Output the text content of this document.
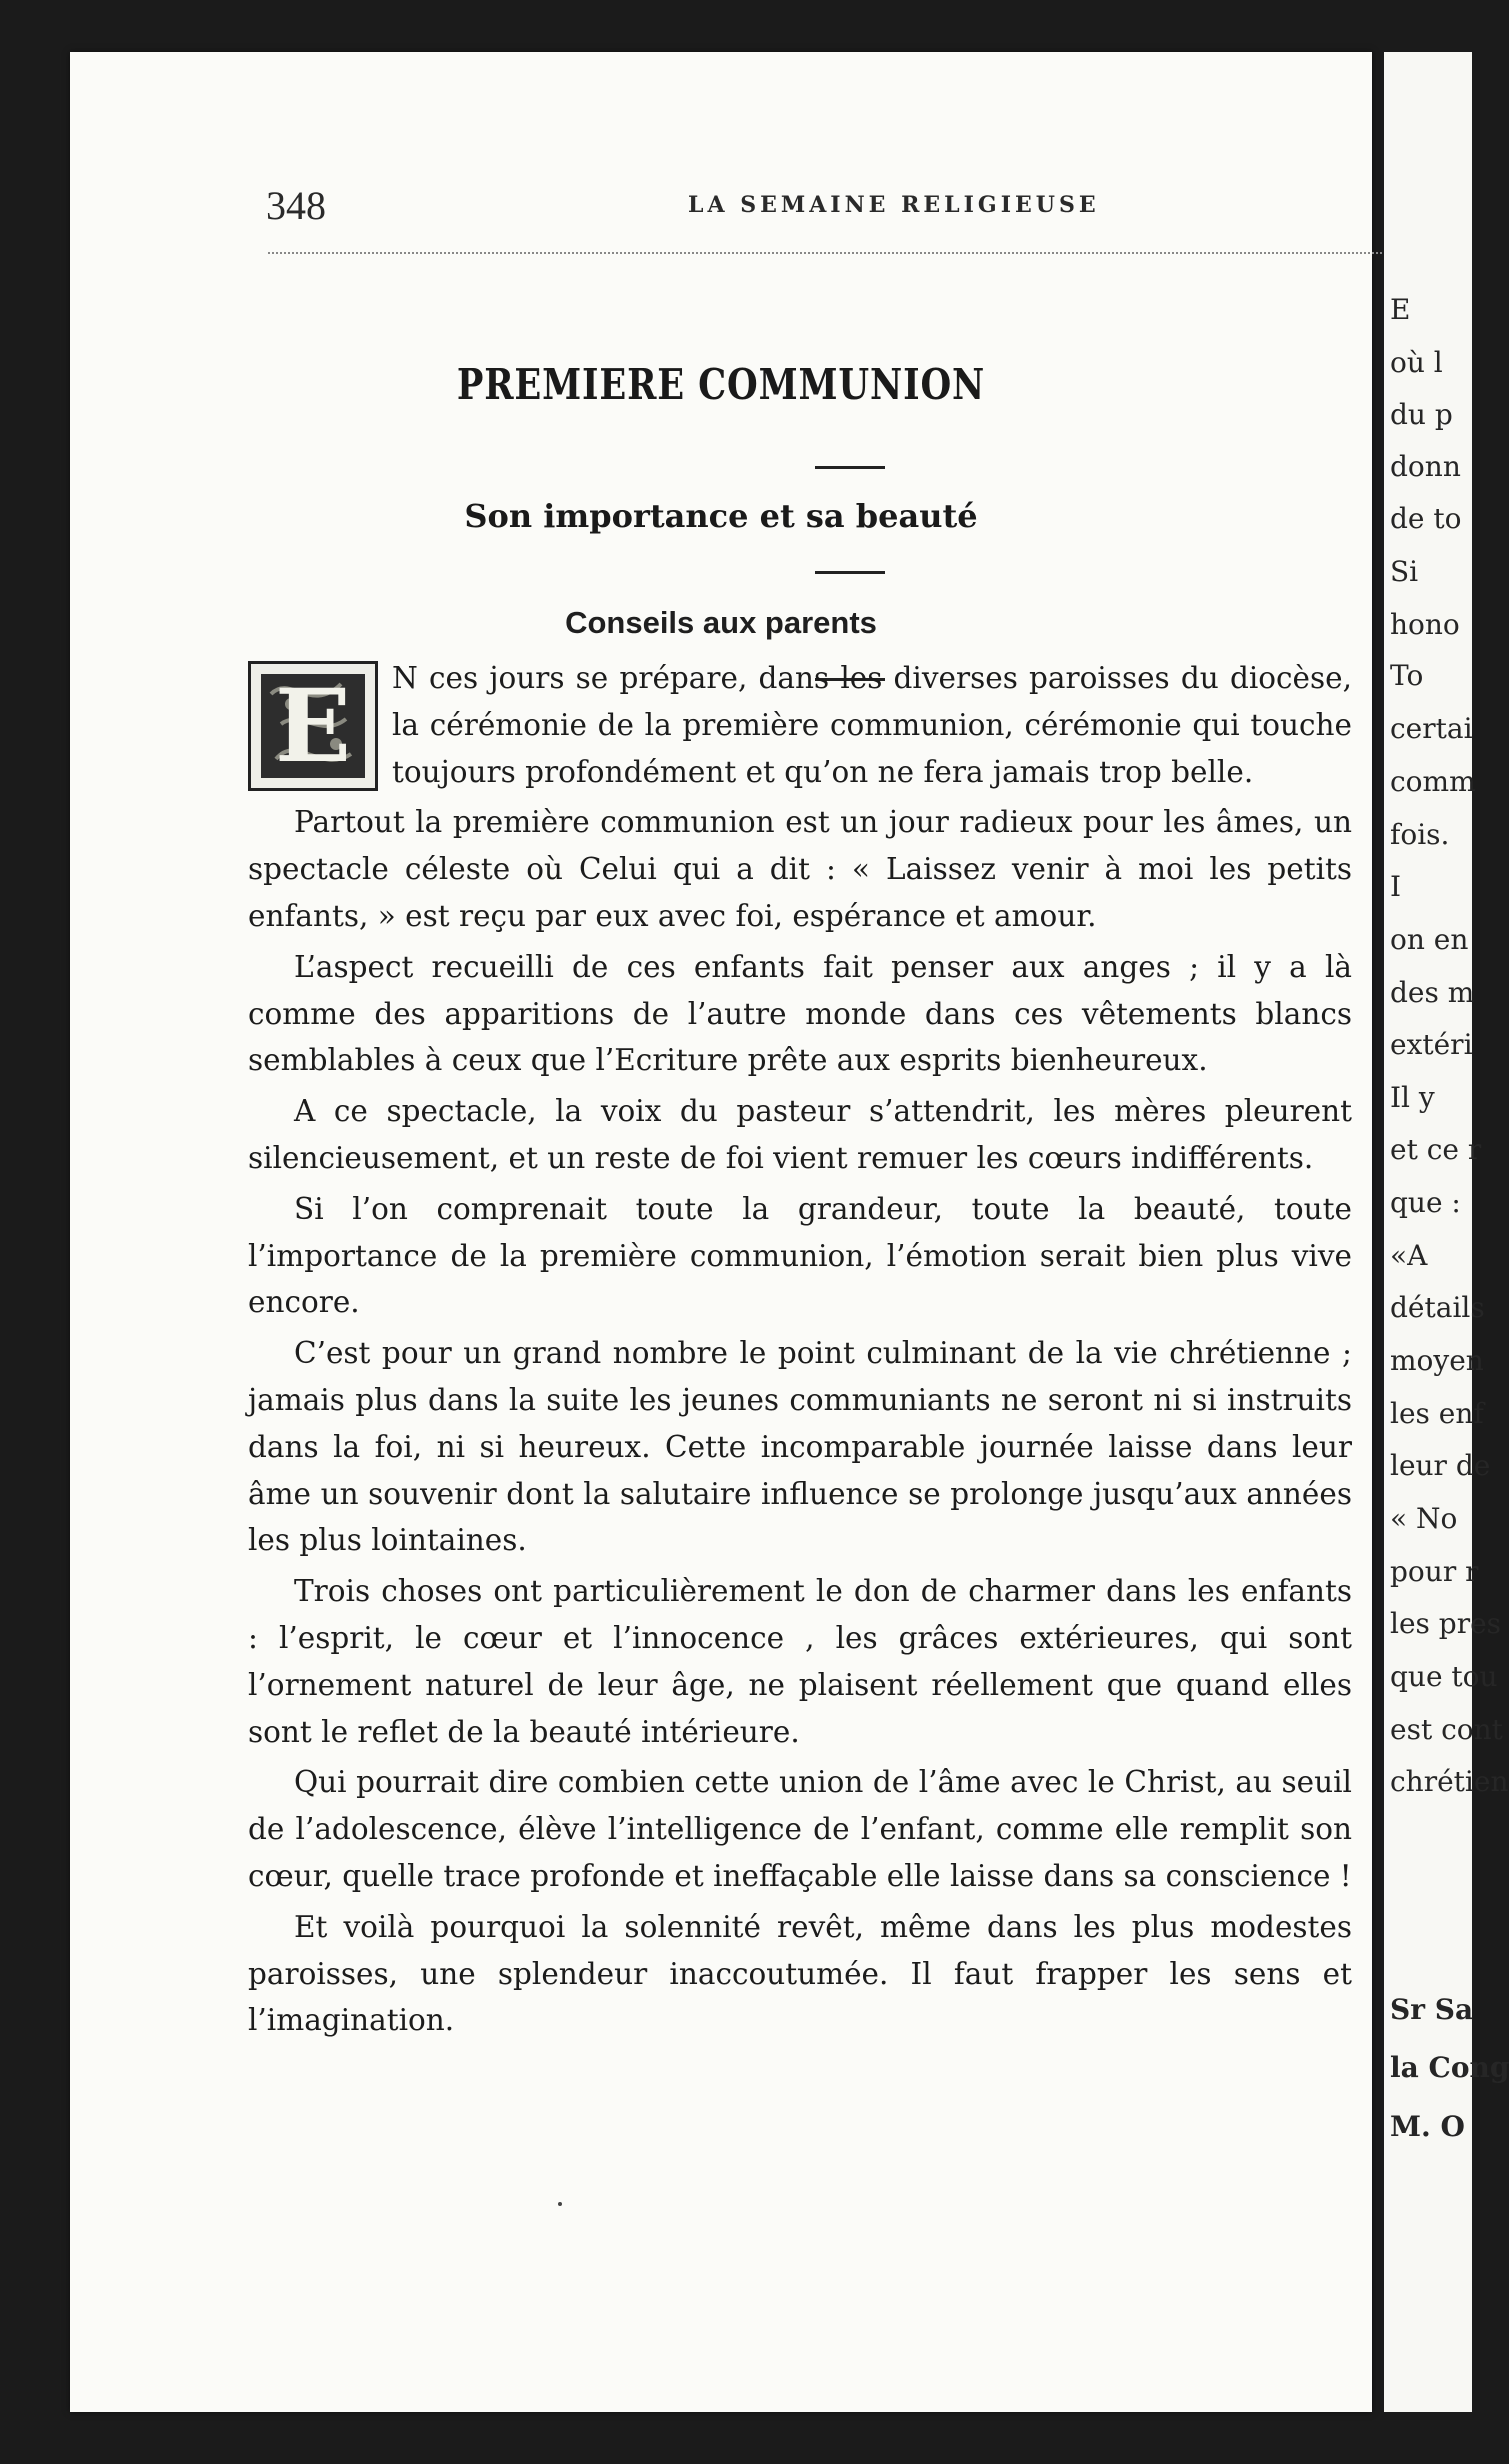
348	LA SEMAINE RELIGIEUSE
PREMIERE COMMUNION
Son importance et sa beauté
Conseils aux parents

E	N ces jours se prépare, dans les diverses paroisses du diocèse, la cérémonie de la première communion, cérémonie qui touche toujours profondément et qu’on ne fera jamais trop belle.

Partout la première communion est un jour radieux pour les âmes, un spectacle céleste où Celui qui a dit : « Laissez venir à moi les petits enfants, » est reçu par eux avec foi, espérance et amour.

L’aspect recueilli de ces enfants fait penser aux anges ; il y a là comme des apparitions de l’autre monde dans ces vêtements blancs semblables à ceux que l’Ecriture prête aux esprits bienheureux.

A ce spectacle, la voix du pasteur s’attendrit, les mères pleurent silencieusement, et un reste de foi vient remuer les cœurs indifférents.

Si l’on comprenait toute la grandeur, toute la beauté, toute l’importance de la première communion, l’émotion serait bien plus vive encore.

C’est pour un grand nombre le point culminant de la vie chrétienne ; jamais plus dans la suite les jeunes communiants ne seront ni si instruits dans la foi, ni si heureux. Cette incomparable journée laisse dans leur âme un souvenir dont la salutaire influence se prolonge jusqu’aux années les plus lointaines.

Trois choses ont particulièrement le don de charmer dans les enfants : l’esprit, le cœur et l’innocence , les grâces extérieures, qui sont l’ornement naturel de leur âge, ne plaisent réellement que quand elles sont le reflet de la beauté intérieure.

Qui pourrait dire combien cette union de l’âme avec le Christ, au seuil de l’adolescence, élève l’intelligence de l’enfant, comme elle remplit son cœur, quelle trace profonde et ineffaçable elle laisse dans sa conscience !

Et voilà pourquoi la solennité revêt, même dans les plus modestes paroisses, une splendeur inaccoutumée. Il faut frapper les sens et l’imagination.

E
où l
du p
donn
de to
Si
hono
To
certai
comm
fois.
I
on en
des m
extéri
Il y
et ce r
que :
«A
détails
moyen
les enf
leur de
« No
pour r
les pres
que tou
est cont
chrétien
Sr Sa
la Cong
M. O
